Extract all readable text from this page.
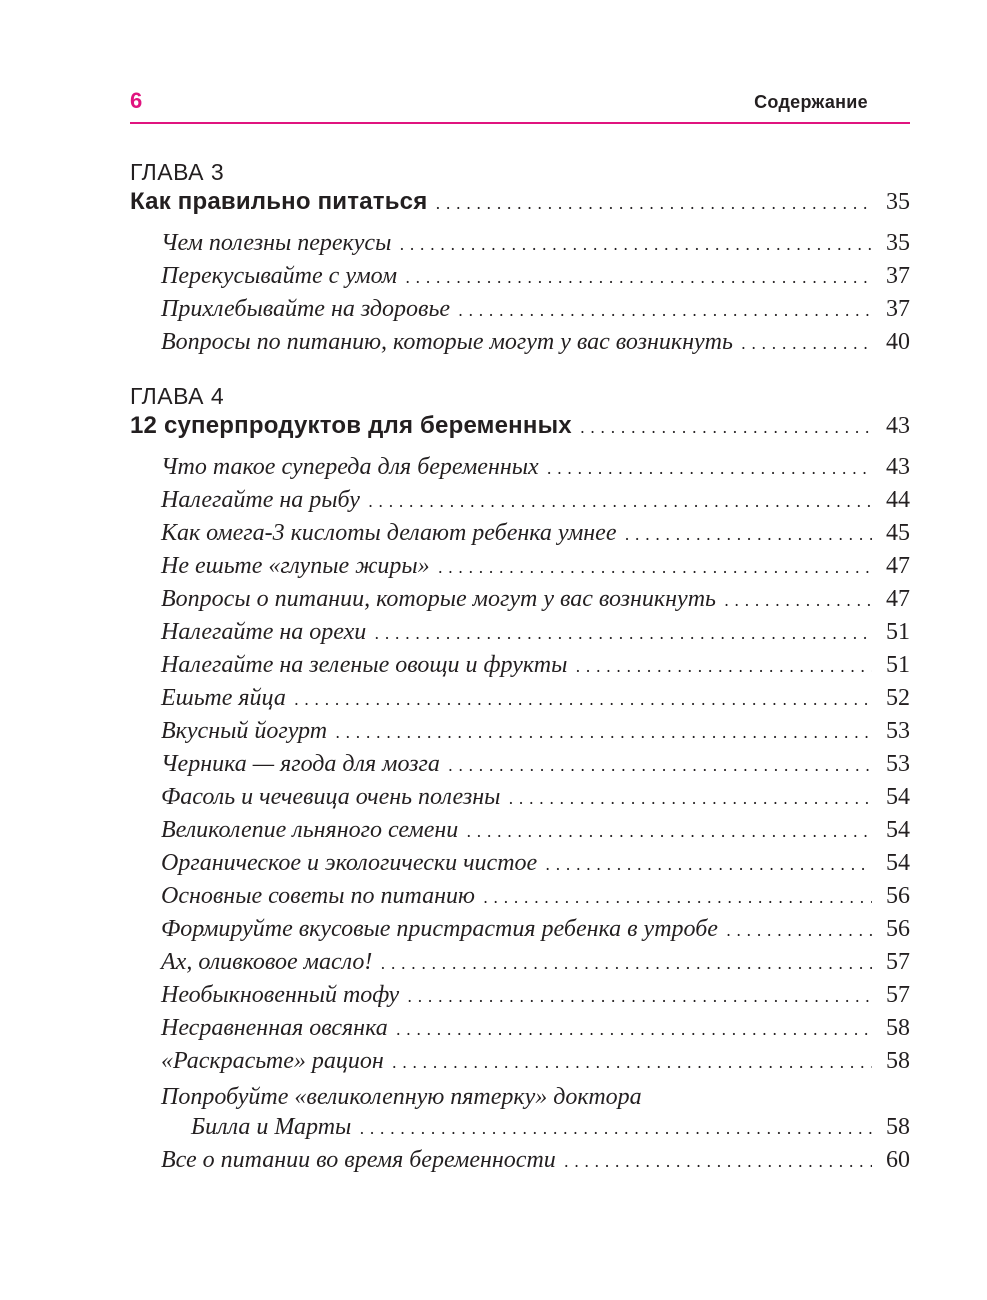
6	Содержание
ГЛАВА 3
Как правильно питаться . . .	35
Чем полезны перекусы . . .	35
Перекусывайте с умом . . .	37
Прихлебывайте на здоровье . . .	37
Вопросы по питанию, которые могут у вас возникнуть . . .	40
ГЛАВА 4
12 суперпродуктов для беременных . . .	43
Что такое супереда для беременных . . .	43
Налегайте на рыбу . . .	44
Как омега-3 кислоты делают ребенка умнее . . .	45
Не ешьте «глупые жиры» . . .	47
Вопросы о питании, которые могут у вас возникнуть . . .	47
Налегайте на орехи . . .	51
Налегайте на зеленые овощи и фрукты . . .	51
Ешьте яйца . . .	52
Вкусный йогурт . . .	53
Черника — ягода для мозга . . .	53
Фасоль и чечевица очень полезны . . .	54
Великолепие льняного семени . . .	54
Органическое и экологически чистое . . .	54
Основные советы по питанию . . .	56
Формируйте вкусовые пристрастия ребенка в утробе . . .	56
Ах, оливковое масло! . . .	57
Необыкновенный тофу . . .	57
Несравненная овсянка . . .	58
«Раскрасьте» рацион . . .	58
Попробуйте «великолепную пятерку» доктора
Билла и Марты . . .	58
Все о питании во время беременности . . .	60
